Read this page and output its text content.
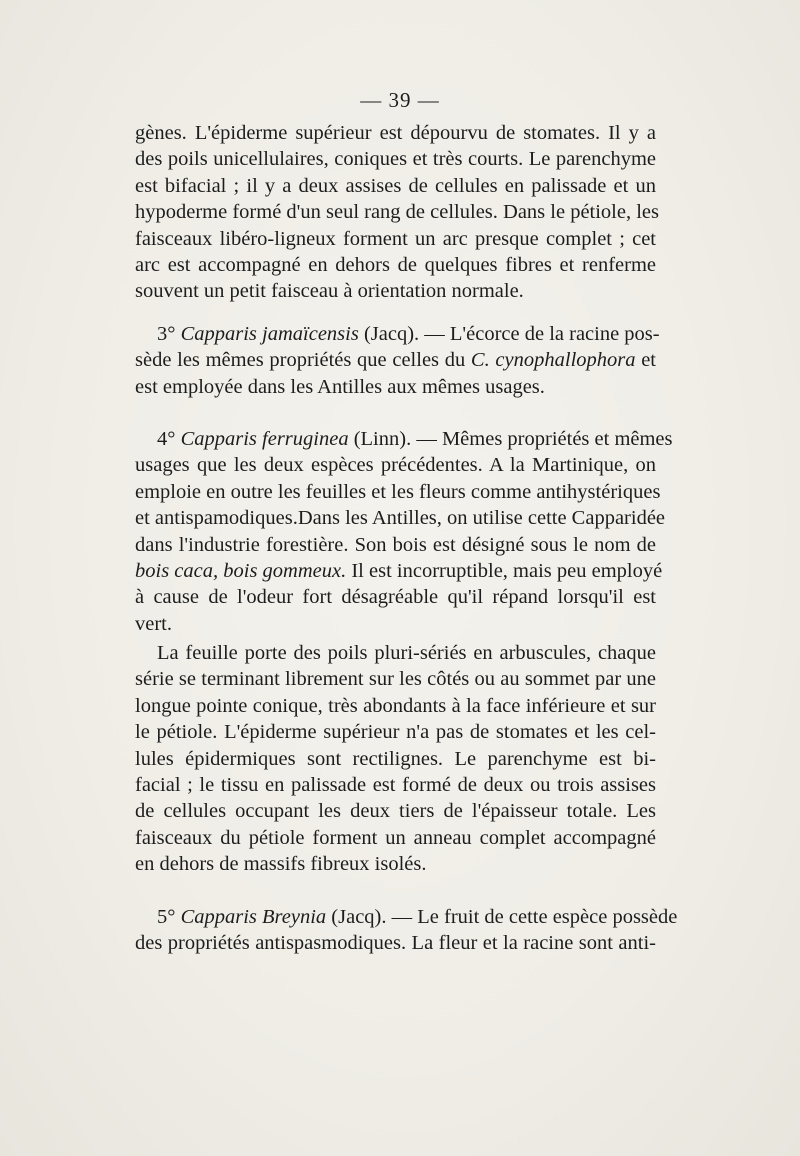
— 39 —
gènes. L'épiderme supérieur est dépourvu de stomates. Il y a
des poils unicellulaires, coniques et très courts. Le parenchyme
est bifacial ; il y a deux assises de cellules en palissade et un
hypoderme formé d'un seul rang de cellules. Dans le pétiole, les
faisceaux libéro-ligneux forment un arc presque complet ; cet
arc est accompagné en dehors de quelques fibres et renferme
souvent un petit faisceau à orientation normale.
3° Capparis jamaïcensis (Jacq). — L'écorce de la racine pos-
sède les mêmes propriétés que celles du C. cynophallophora et
est employée dans les Antilles aux mêmes usages.
4° Capparis ferruginea (Linn). — Mêmes propriétés et mêmes
usages que les deux espèces précédentes. A la Martinique, on
emploie en outre les feuilles et les fleurs comme antihystériques
et antispamodiques.Dans les Antilles, on utilise cette Capparidée
dans l'industrie forestière. Son bois est désigné sous le nom de
bois caca, bois gommeux. Il est incorruptible, mais peu employé
à cause de l'odeur fort désagréable qu'il répand lorsqu'il est
vert.
La feuille porte des poils pluri-sériés en arbuscules, chaque
série se terminant librement sur les côtés ou au sommet par une
longue pointe conique, très abondants à la face inférieure et sur
le pétiole. L'épiderme supérieur n'a pas de stomates et les cel-
lules épidermiques sont rectilignes. Le parenchyme est bi-
facial ; le tissu en palissade est formé de deux ou trois assises
de cellules occupant les deux tiers de l'épaisseur totale. Les
faisceaux du pétiole forment un anneau complet accompagné
en dehors de massifs fibreux isolés.
5° Capparis Breynia (Jacq). — Le fruit de cette espèce possède
des propriétés antispasmodiques. La fleur et la racine sont anti-
